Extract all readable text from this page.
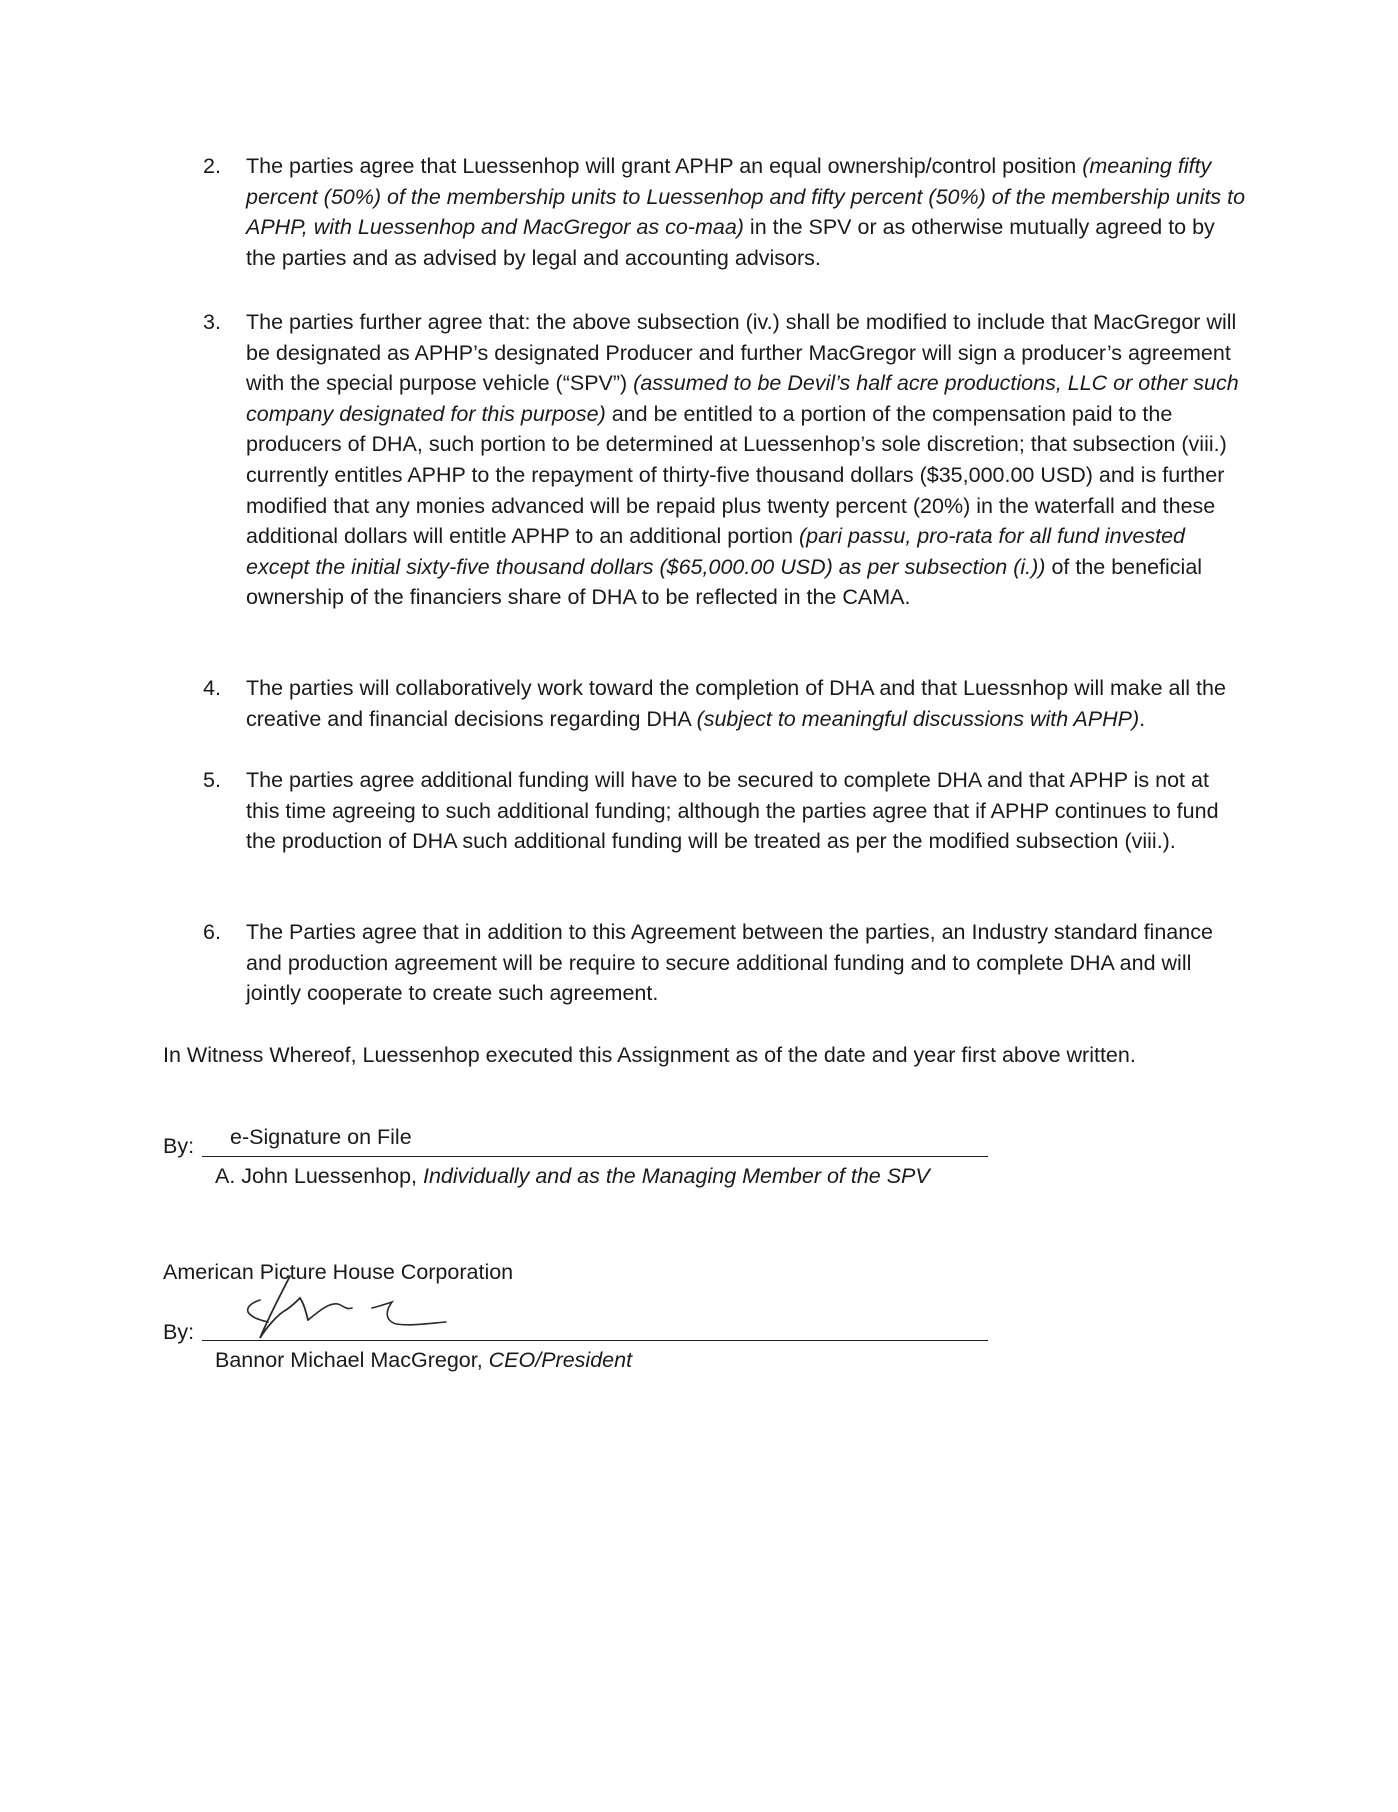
2.	The parties agree that Luessenhop will grant APHP an equal ownership/control position (meaning fifty percent (50%) of the membership units to Luessenhop and fifty percent (50%) of the membership units to APHP, with Luessenhop and MacGregor as co-maa) in the SPV or as otherwise mutually agreed to by the parties and as advised by legal and accounting advisors.
3.	The parties further agree that: the above subsection (iv.) shall be modified to include that MacGregor will be designated as APHP’s designated Producer and further MacGregor will sign a producer’s agreement with the special purpose vehicle (“SPV”) (assumed to be Devil’s half acre productions, LLC or other such company designated for this purpose) and be entitled to a portion of the compensation paid to the producers of DHA, such portion to be determined at Luessenhop’s sole discretion; that subsection (viii.) currently entitles APHP to the repayment of thirty-five thousand dollars ($35,000.00 USD) and is further modified that any monies advanced will be repaid plus twenty percent (20%) in the waterfall and these additional dollars will entitle APHP to an additional portion (pari passu, pro-rata for all fund invested except the initial sixty-five thousand dollars ($65,000.00 USD) as per subsection (i.)) of the beneficial ownership of the financiers share of DHA to be reflected in the CAMA.
4.	The parties will collaboratively work toward the completion of DHA and that Luessnhop will make all the creative and financial decisions regarding DHA (subject to meaningful discussions with APHP).
5.	The parties agree additional funding will have to be secured to complete DHA and that APHP is not at this time agreeing to such additional funding; although the parties agree that if APHP continues to fund the production of DHA such additional funding will be treated as per the modified subsection (viii.).
6.	The Parties agree that in addition to this Agreement between the parties, an Industry standard finance and production agreement will be require to secure additional funding and to complete DHA and will jointly cooperate to create such agreement.
In Witness Whereof, Luessenhop executed this Assignment as of the date and year first above written.
By: e-Signature on File
A. John Luessenhop, Individually and as the Managing Member of the SPV
American Picture House Corporation
By:
Bannor Michael MacGregor, CEO/President
